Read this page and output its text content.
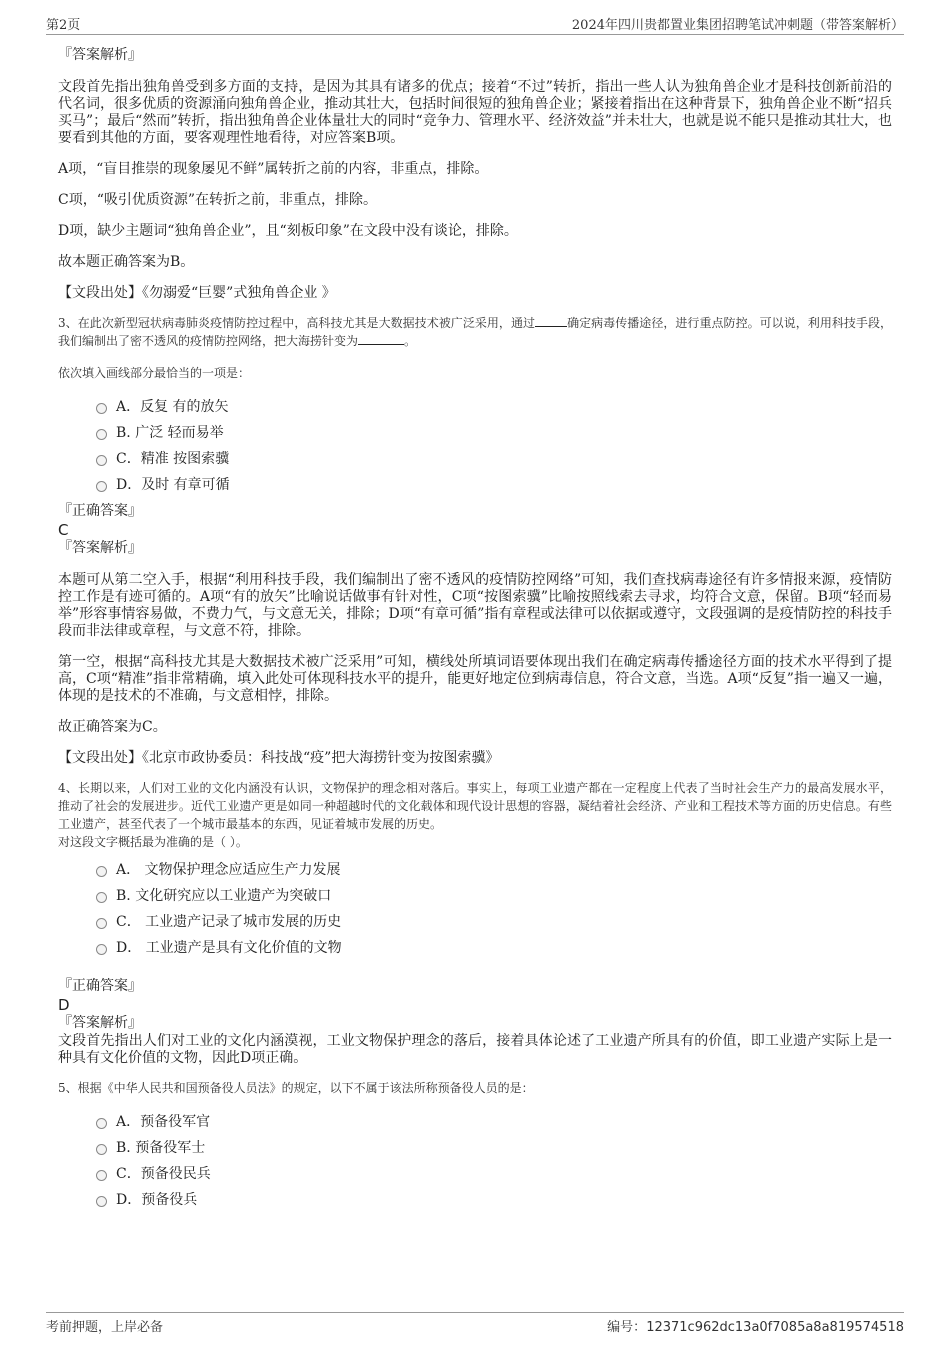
第2页	2024年四川贵都置业集团招聘笔试冲刺题（带答案解析）

『答案解析』

文段首先指出独角兽受到多方面的支持，是因为其具有诸多的优点；接着“不过”转折，指出一些人认为独角兽企业才是科技创新前沿的代名词，很多优质的资源涌向独角兽企业，推动其壮大，包括时间很短的独角兽企业；紧接着指出在这种背景下，独角兽企业不断“招兵买马”；最后“然而”转折，指出独角兽企业体量壮大的同时“竞争力、管理水平、经济效益”并未壮大，也就是说不能只是推动其壮大，也要看到其他的方面，要客观理性地看待，对应答案B项。

A项，“盲目推崇的现象屡见不鲜”属转折之前的内容，非重点，排除。

C项，“吸引优质资源”在转折之前，非重点，排除。

D项，缺少主题词“独角兽企业”，且“刻板印象”在文段中没有谈论，排除。

故本题正确答案为B。

【文段出处】《勿溺爱“巨婴”式独角兽企业 》

3、在此次新型冠状病毒肺炎疫情防控过程中，高科技尤其是大数据技术被广泛采用，通过	确定病毒传播途径，进行重点防控。可以说，利用科技手段，我们编制出了密不透风的疫情防控网络，把大海捞针变为	。

依次填入画线部分最恰当的一项是：

A．反复 有的放矢
B. 广泛 轻而易举
C．精准 按图索骥
D．及时 有章可循

『正确答案』

C

『答案解析』

本题可从第二空入手，根据“利用科技手段，我们编制出了密不透风的疫情防控网络”可知，我们查找病毒途径有许多情报来源，疫情防控工作是有迹可循的。A项“有的放矢”比喻说话做事有针对性，C项“按图索骥”比喻按照线索去寻求，均符合文意，保留。B项“轻而易举”形容事情容易做，不费力气，与文意无关，排除；D项“有章可循”指有章程或法律可以依据或遵守，文段强调的是疫情防控的科技手段而非法律或章程，与文意不符，排除。

第一空，根据“高科技尤其是大数据技术被广泛采用”可知，横线处所填词语要体现出我们在确定病毒传播途径方面的技术水平得到了提高，C项“精准”指非常精确，填入此处可体现科技水平的提升，能更好地定位到病毒信息，符合文意，当选。A项“反复”指一遍又一遍，体现的是技术的不准确，与文意相悖，排除。

故正确答案为C。

【文段出处】《北京市政协委员：科技战“疫”把大海捞针变为按图索骥》

4、长期以来，人们对工业的文化内涵没有认识，文物保护的理念相对落后。事实上，每项工业遗产都在一定程度上代表了当时社会生产力的最高发展水平，推动了社会的发展进步。近代工业遗产更是如同一种超越时代的文化载体和现代设计思想的容器，凝结着社会经济、产业和工程技术等方面的历史信息。有些工业遗产，甚至代表了一个城市最基本的东西，见证着城市发展的历史。

对这段文字概括最为准确的是（ ）。

A． 文物保护理念应适应生产力发展
B. 文化研究应以工业遗产为突破口
C． 工业遗产记录了城市发展的历史
D． 工业遗产是具有文化价值的文物

『正确答案』

D

『答案解析』

文段首先指出人们对工业的文化内涵漠视，工业文物保护理念的落后，接着具体论述了工业遗产所具有的价值，即工业遗产实际上是一种具有文化价值的文物，因此D项正确。

5、根据《中华人民共和国预备役人员法》的规定，以下不属于该法所称预备役人员的是：

A．预备役军官
B. 预备役军士
C．预备役民兵
D．预备役兵
考前押题，上岸必备	编号：12371c962dc13a0f7085a8a819574518
